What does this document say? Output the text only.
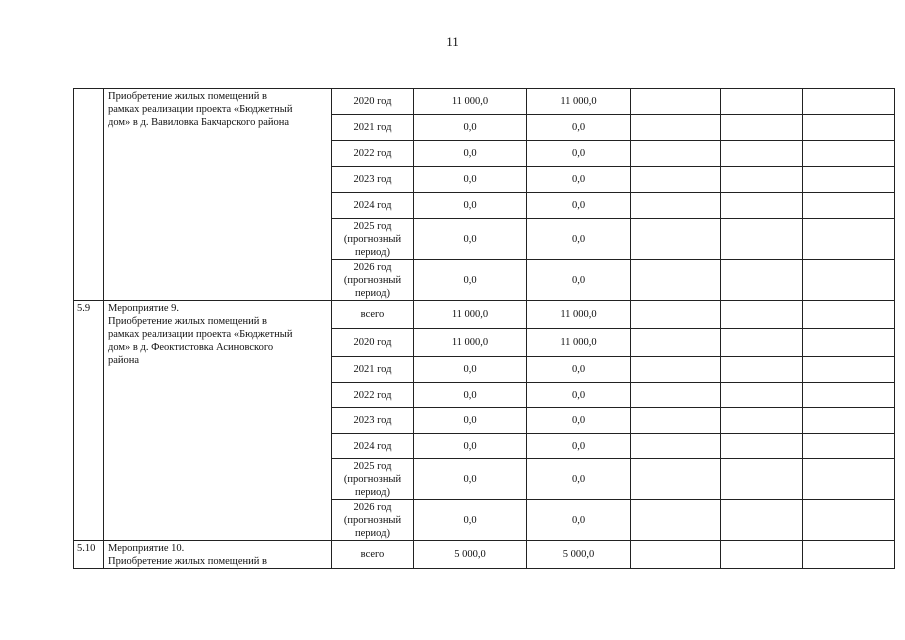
11

	Приобретение жилых помещений в
рамках реализации проекта «Бюджетный
дом» в д. Вавиловка Бакчарского района	2020 год	11 000,0	11 000,0			
		2021 год	0,0	0,0			
		2022 год	0,0	0,0			
		2023 год	0,0	0,0			
		2024 год	0,0	0,0			
		2025 год
(прогнозный
период)	0,0	0,0			
		2026 год
(прогнозный
период)	0,0	0,0			
5.9	Мероприятие 9.
Приобретение жилых помещений в
рамках реализации проекта «Бюджетный
дом» в д. Феоктистовка Асиновского
района	всего	11 000,0	11 000,0			
		2020 год	11 000,0	11 000,0			
		2021 год	0,0	0,0			
		2022 год	0,0	0,0			
		2023 год	0,0	0,0			
		2024 год	0,0	0,0			
		2025 год
(прогнозный
период)	0,0	0,0			
		2026 год
(прогнозный
период)	0,0	0,0			
5.10	Мероприятие 10.
Приобретение жилых помещений в	всего	5 000,0	5 000,0			
